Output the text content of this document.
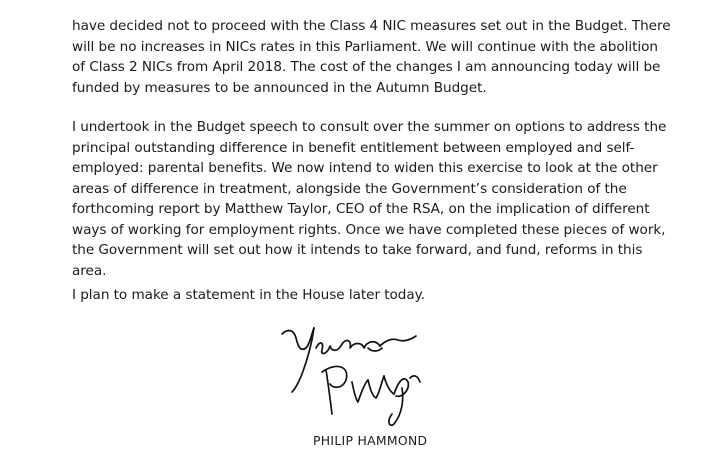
have decided not to proceed with the Class 4 NIC measures set out in the Budget. There
will be no increases in NICs rates in this Parliament. We will continue with the abolition
of Class 2 NICs from April 2018. The cost of the changes I am announcing today will be
funded by measures to be announced in the Autumn Budget.

I undertook in the Budget speech to consult over the summer on options to address the
principal outstanding difference in benefit entitlement between employed and self-
employed: parental benefits. We now intend to widen this exercise to look at the other
areas of difference in treatment, alongside the Government’s consideration of the
forthcoming report by Matthew Taylor, CEO of the RSA, on the implication of different
ways of working for employment rights. Once we have completed these pieces of work,
the Government will set out how it intends to take forward, and fund, reforms in this
area.

I plan to make a statement in the House later today.

PHILIP HAMMOND
